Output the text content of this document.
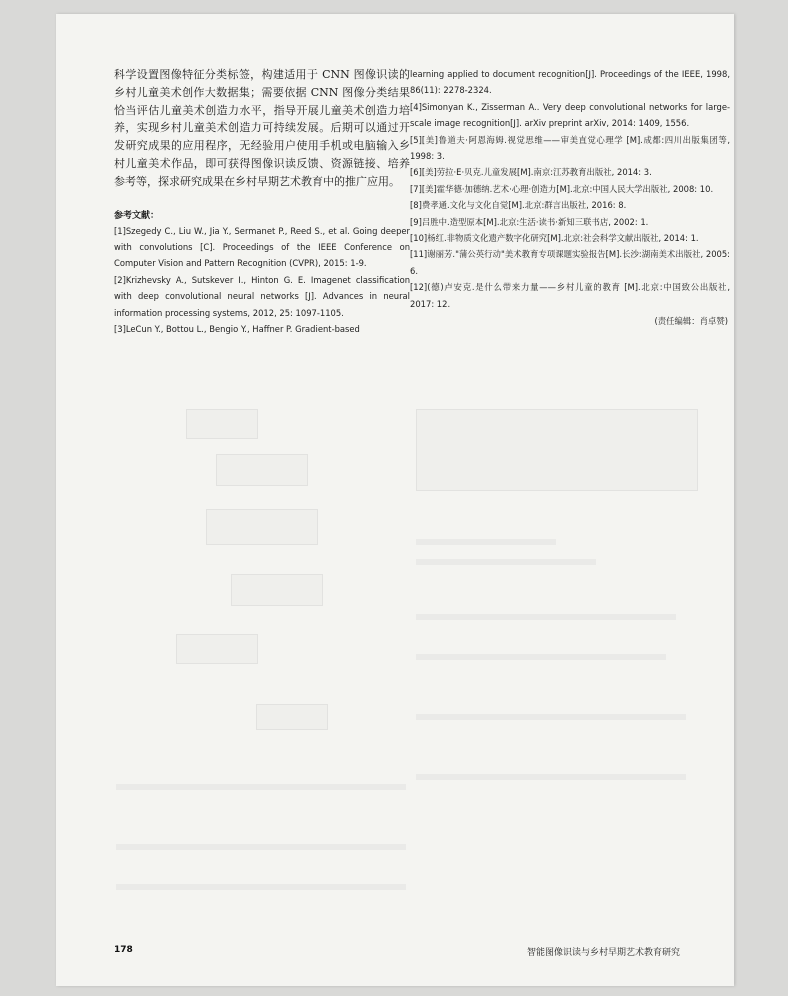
科学设置图像特征分类标签，构建适用于 CNN 图像识读的乡村儿童美术创作大数据集；需要依据 CNN 图像分类结果恰当评估儿童美术创造力水平，指导开展儿童美术创造力培养，实现乡村儿童美术创造力可持续发展。后期可以通过开发研究成果的应用程序，无经验用户使用手机或电脑输入乡村儿童美术作品，即可获得图像识读反馈、资源链接、培养参考等，探求研究成果在乡村早期艺术教育中的推广应用。

参考文献：

[1]Szegedy C., Liu W., Jia Y., Sermanet P., Reed S., et al. Going deeper with convolutions [C]. Proceedings of the IEEE Conference on Computer Vision and Pattern Recognition (CVPR), 2015: 1-9.

[2]Krizhevsky A., Sutskever I., Hinton G. E. Imagenet classification with deep convolutional neural networks [J]. Advances in neural information processing systems, 2012, 25: 1097-1105.

[3]LeCun Y., Bottou L., Bengio Y., Haffner P. Gradient-based

learning applied to document recognition[J]. Proceedings of the IEEE, 1998, 86(11): 2278-2324.

[4]Simonyan K., Zisserman A.. Very deep convolutional networks for large-scale image recognition[J]. arXiv preprint arXiv, 2014: 1409, 1556.

[5][美]鲁道夫·阿恩海姆.视觉思维——审美直觉心理学 [M].成都:四川出版集团等, 1998: 3.

[6][美]劳拉·E·贝克.儿童发展[M].南京:江苏教育出版社, 2014: 3.

[7][美]霍华德·加德纳.艺术·心理·创造力[M].北京:中国人民大学出版社, 2008: 10.

[8]费孝通.文化与文化自觉[M].北京:群言出版社, 2016: 8.

[9]吕胜中.造型原本[M].北京:生活·读书·新知三联书店, 2002: 1.

[10]杨红.非物质文化遗产数字化研究[M].北京:社会科学文献出版社, 2014: 1.

[11]谢丽芳."蒲公英行动"美术教育专项课题实验报告[M].长沙:湖南美术出版社, 2005: 6.

[12](德)卢安克.是什么带来力量——乡村儿童的教育 [M].北京:中国致公出版社, 2017: 12.

(责任编辑：肖卓赞)
178	智能图像识读与乡村早期艺术教育研究
